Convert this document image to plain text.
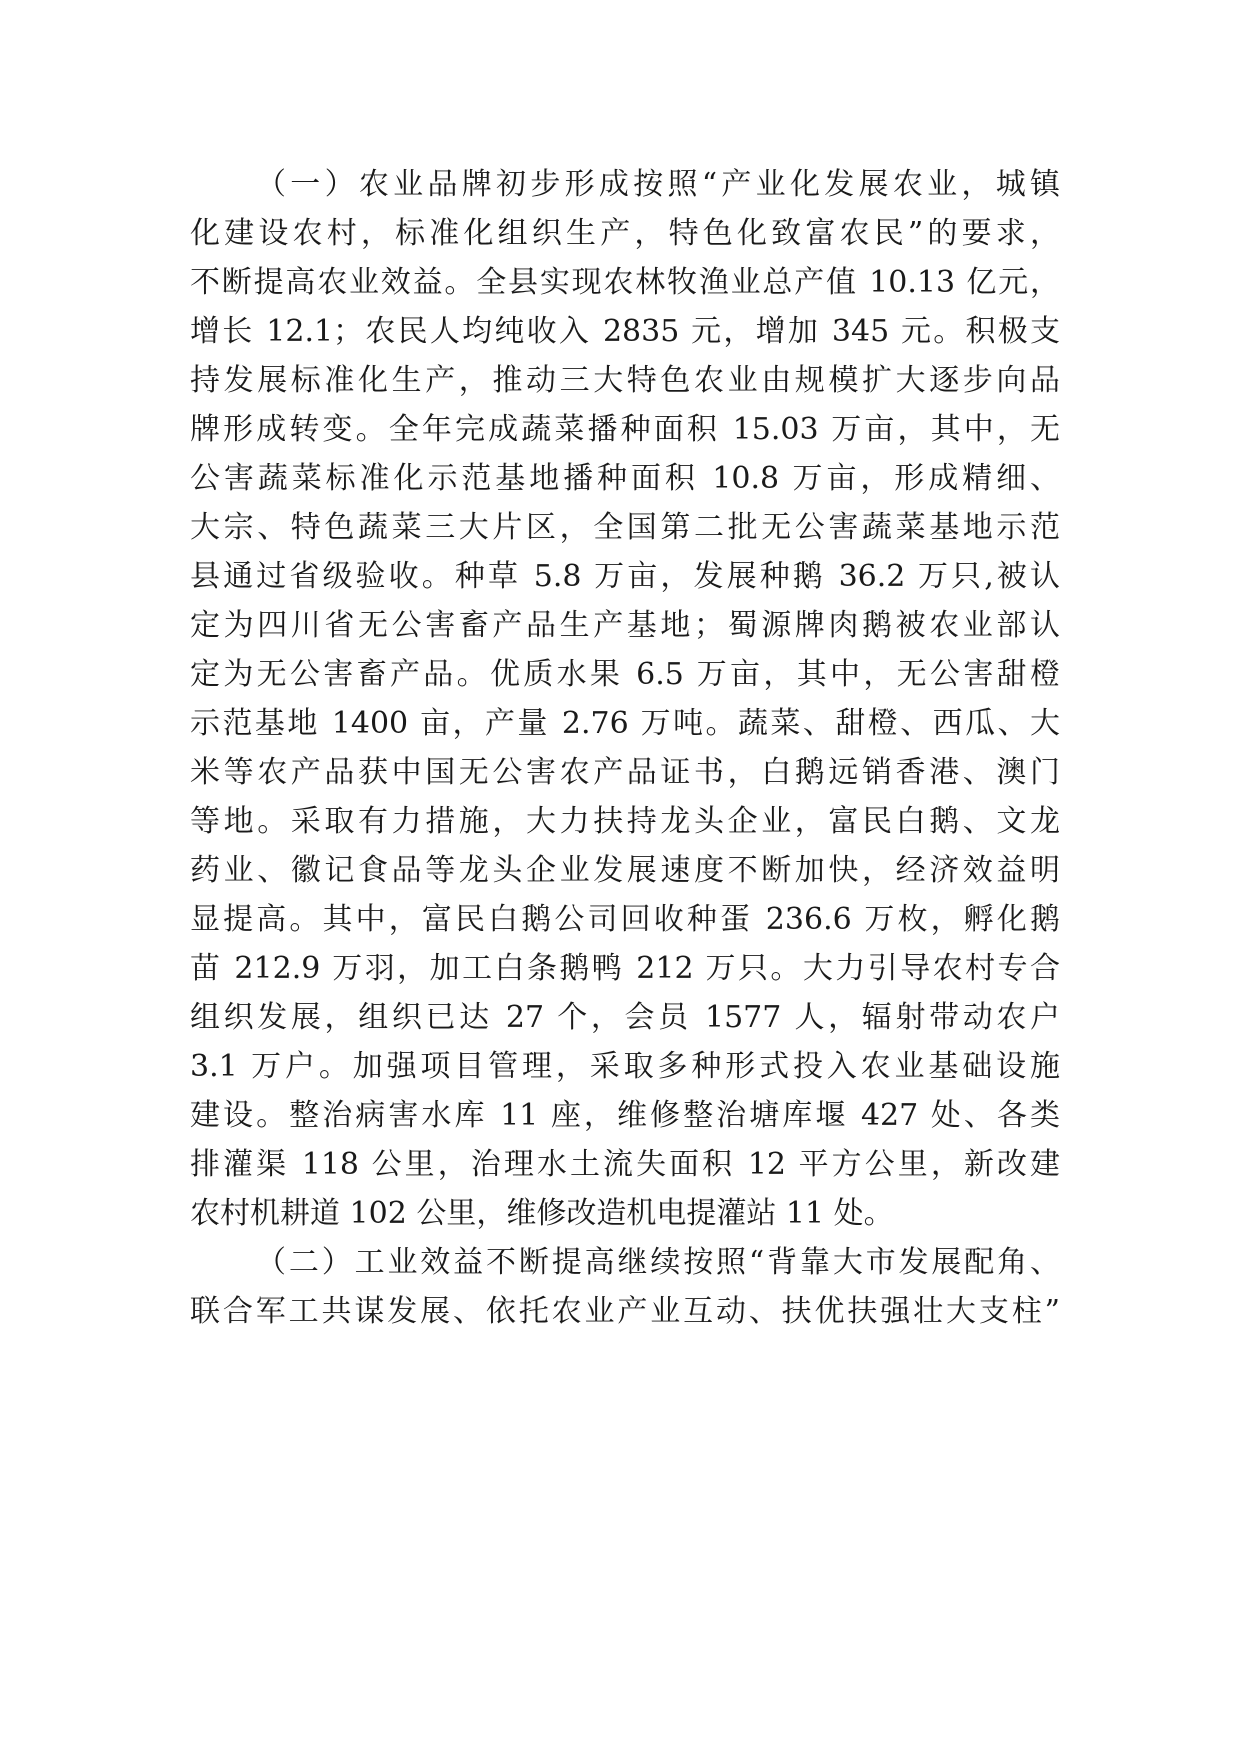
（一）农业品牌初步形成按照“产业化发展农业，城镇
化建设农村，标准化组织生产，特色化致富农民”的要求，
不断提高农业效益。全县实现农林牧渔业总产值 10.13 亿元，
增长 12.1；农民人均纯收入 2835 元，增加 345 元。积极支
持发展标准化生产，推动三大特色农业由规模扩大逐步向品
牌形成转变。全年完成蔬菜播种面积 15.03 万亩，其中，无
公害蔬菜标准化示范基地播种面积 10.8 万亩，形成精细、
大宗、特色蔬菜三大片区，全国第二批无公害蔬菜基地示范
县通过省级验收。种草 5.8 万亩，发展种鹅 36.2 万只,被认
定为四川省无公害畜产品生产基地；蜀源牌肉鹅被农业部认
定为无公害畜产品。优质水果 6.5 万亩，其中，无公害甜橙
示范基地 1400 亩，产量 2.76 万吨。蔬菜、甜橙、西瓜、大
米等农产品获中国无公害农产品证书，白鹅远销香港、澳门
等地。采取有力措施，大力扶持龙头企业，富民白鹅、文龙
药业、徽记食品等龙头企业发展速度不断加快，经济效益明
显提高。其中，富民白鹅公司回收种蛋 236.6 万枚，孵化鹅
苗 212.9 万羽，加工白条鹅鸭 212 万只。大力引导农村专合
组织发展，组织已达 27 个，会员 1577 人，辐射带动农户
3.1 万户。加强项目管理，采取多种形式投入农业基础设施
建设。整治病害水库 11 座，维修整治塘库堰 427 处、各类
排灌渠 118 公里，治理水土流失面积 12 平方公里，新改建
农村机耕道 102 公里，维修改造机电提灌站 11 处。
（二）工业效益不断提高继续按照“背靠大市发展配角、
联合军工共谋发展、依托农业产业互动、扶优扶强壮大支柱”
